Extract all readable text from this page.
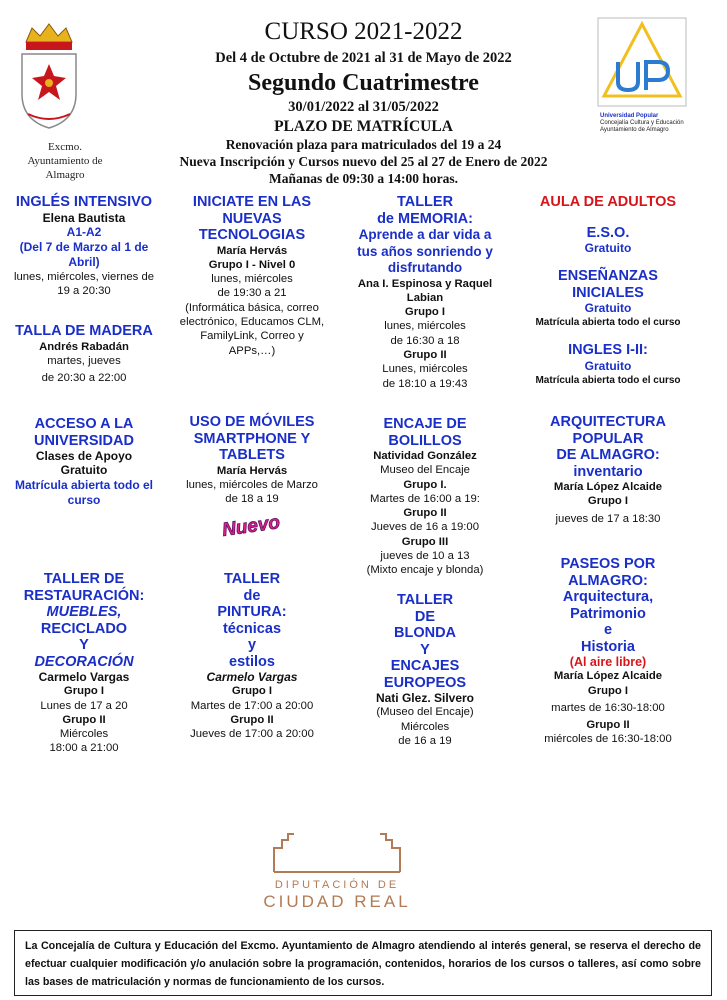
Excmo.
Ayuntamiento de
Almagro
Universidad Popular
Concejalía Cultura y Educación
Ayuntamiento de Almagro
CURSO 2021-2022
Del 4 de Octubre de 2021 al 31 de Mayo de 2022
Segundo Cuatrimestre
30/01/2022 al 31/05/2022
PLAZO DE MATRÍCULA
Renovación plaza para matriculados del 19 a 24
Nueva Inscripción y Cursos nuevo del 25 al 27 de Enero de 2022
Mañanas de 09:30 a 14:00 horas.
INGLÉS INTENSIVO
Elena Bautista
A1-A2
(Del 7 de Marzo al 1 de
Abril)
lunes, miércoles, viernes de
19 a 20:30
TALLA DE MADERA
Andrés Rabadán
martes, jueves
de 20:30 a 22:00
INICIATE EN LAS
NUEVAS
TECNOLOGIAS
María Hervás
Grupo I - Nivel 0
lunes, miércoles
de 19:30 a 21
(Informática básica, correo
electrónico, Educamos CLM,
FamilyLink, Correo y
APPs,…)
TALLER
de MEMORIA:
Aprende a dar vida a
tus años sonriendo y
disfrutando
Ana I. Espinosa y Raquel
Labian
Grupo I
lunes, miércoles
de 16:30 a 18
Grupo II
Lunes, miércoles
de 18:10 a 19:43
AULA DE ADULTOS
E.S.O.
Gratuito
ENSEÑANZAS
INICIALES
Gratuito
Matrícula abierta todo el curso
INGLES I-II:
Gratuito
Matrícula abierta todo el curso
ACCESO A LA
UNIVERSIDAD
Clases de Apoyo
Gratuito
Matrícula abierta todo el
curso
USO DE MÓVILES
SMARTPHONE Y
TABLETS
María Hervás
lunes, miércoles de Marzo
de 18 a 19
Nuevo
ENCAJE DE
BOLILLOS
Natividad González
Museo del Encaje
Grupo I.
Martes de 16:00 a 19:
Grupo II
Jueves de 16 a 19:00
Grupo III
jueves de 10 a 13
(Mixto encaje y blonda)
ARQUITECTURA
POPULAR
DE ALMAGRO:
inventario
María López Alcaide
Grupo I
jueves de 17 a 18:30
TALLER DE
RESTAURACIÓN:
MUEBLES,
RECICLADO
Y
DECORACIÓN
Carmelo Vargas
Grupo I
Lunes de 17 a 20
Grupo II
Miércoles
18:00 a 21:00
TALLER
de
PINTURA:
técnicas
y
estilos
Carmelo Vargas
Grupo I
Martes de 17:00 a 20:00
Grupo II
Jueves de 17:00 a 20:00
TALLER
DE
BLONDA
Y
ENCAJES
EUROPEOS
Nati Glez. Silvero
(Museo del Encaje)
Miércoles
de 16 a 19
PASEOS POR
ALMAGRO:
Arquitectura,
Patrimonio
e
Historia
(Al aire libre)
María López Alcaide
Grupo I
martes de 16:30-18:00
Grupo II
miércoles de 16:30-18:00
DIPUTACIÓN DE
CIUDAD REAL
La Concejalía de Cultura y Educación del Excmo. Ayuntamiento de Almagro atendiendo al interés general, se reserva el derecho de efectuar cualquier modificación y/o anulación sobre la programación, contenidos, horarios de los cursos o talleres, así como sobre las bases de matriculación y normas de funcionamiento de los cursos.
